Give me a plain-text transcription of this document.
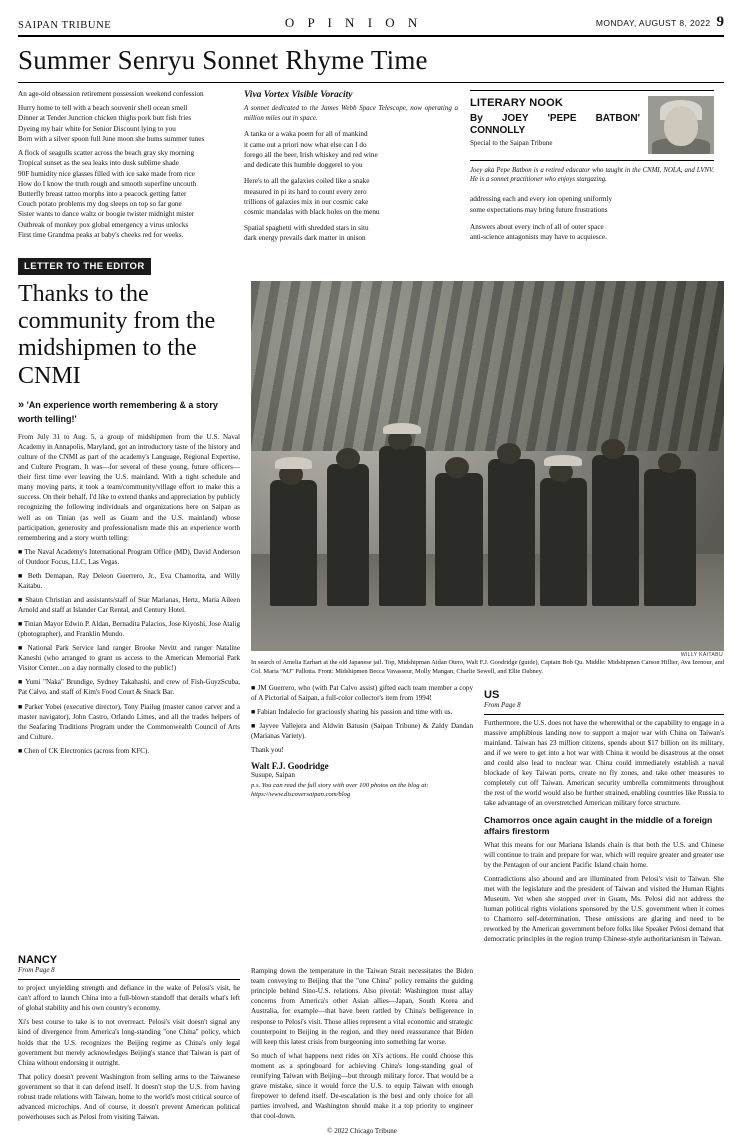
SAIPAN TRIBUNE	O P I N I O N	MONDAY, AUGUST 8, 2022 9
Summer Senryu Sonnet Rhyme Time
An age-old obsession retirement possession weekend confession
Hurry home to tell with a beach souvenir shell ocean smell
Dinner at Tender Junction chicken thighs pork butt fish fries
Dyeing my hair white for Senior Discount lying to you
Born with a silver spoon full June moon she hums summer tunes
A flock of seagulls scatter across the beach gray sky morning
Tropical sunset as the sea leaks into dusk sublime shade
90F humidity nice glasses filled with ice sake made from rice
How do I know the truth rough and smooth superfine uncouth
Butterfly breast tattoo morphs into a peacock getting fatter
Couch potato problems my dog sleeps on top so far gone
Sister wants to dance waltz or boogie twister midnight mister
Outbreak of monkey pox global emergency a virus unlocks
First time Grandma peaks at baby's cheeks red for weeks.
Viva Vortex Visible Voracity
A sonnet dedicated to the James Webb Space Telescope, now operating a million miles out in space.
A tanka or a waka poem for all of mankind
it came out a priori now what else can I do
forego all the beer, Irish whiskey and red wine
and dedicate this humble doggerel to you
Here's to all the galaxies coiled like a snake
measured in pi its hard to count every zero
trillions of galaxies mix in our cosmic cake
cosmic mandalas with black holes on the menu
Spatial spaghetti with shredded stars in situ
dark energy prevails dark matter in unison
LITERARY NOOK
By JOEY 'PEPE BATBON' CONNOLLY
Special to the Saipan Tribune
Joey aka Pepe Batbon is a retired educator who taught in the CNMI, NOLA, and LVNV. He is a sonnet practitioner who enjoys stargazing.
addressing each and every ion opening uniformly
some expectations may bring future frustrations
Answers about every inch of all of outer space
anti-science antagonists may have to acquiesce.
LETTER TO THE EDITOR
Thanks to the community from the midshipmen to the CNMI
» 'An experience worth remembering & a story worth telling!'

From July 31 to Aug. 5, a group of midshipmen from the U.S. Naval Academy in Annapolis, Maryland, got an introductory taste of the history and culture of the CNMI as part of the academy's Language, Regional Expertise, and Culture Program. It was—for several of these young, future officers—their first time ever leaving the U.S. mainland. With a tight schedule and many moving parts, it took a team/community/village effort to make this a success. On their behalf, I'd like to extend thanks and appreciation by publicly recognizing the following individuals and organizations here on Saipan as well as on Tinian (as well as Guam and the U.S. mainland) whose participation, generosity and professionalism made this an experience worth remembering and a story worth telling:

■ The Naval Academy's International Program Office (MD), David Anderson of Outdoor Focus, LLC, Las Vegas.

■ Beth Demapan, Ray Deleon Guerrero, Jr., Eva Chamorita, and Willy Kaitabu.

■ Shaun Christian and assistants/staff of Star Marianas, Hertz, Maria Aileen Arnold and staff at Islander Car Rental, and Century Hotel.

■ Tinian Mayor Edwin P. Aldan, Bernadita Palacios, Jose Kiyoshi, Jose Atalig (photographer), and Franklin Mundo.

■ National Park Service land ranger Brooke Nevitt and ranger Nataline Kaneshi (who arranged to grant us access to the American Memorial Park Visitor Center...on a day normally closed to the public!)

■ Yumi "Naka" Brundige, Sydney Takahashi, and crew of Fish-GuyzScuba, Pat Calvo, and staff of Kim's Food Court & Snack Bar.

■ Parker Yobei (executive director), Tony Piailug (master canoe carver and a master navigator), John Castro, Orlando Limes, and all the trades helpers of the Seafaring Traditions Program under the Commonwealth Council of Arts and Culture.

■ Chen of CK Electronics (across from KFC).

WILLY KAITABU
In search of Amelia Earhart at the old Japanese jail. Top, Midshipman Aidan Otero, Walt F.J. Goodridge (guide), Captain Bob Qu. Middle: Midshipmen Carson Hillier, Ava Izenour, and Col. Maria "MJ" Pallotta. Front: Midshipmen Becca Vavasseur, Molly Mangan, Charlie Sewell, and Ellie Dabney.

■ JM Guerrero, who (with Pat Calvo assist) gifted each team member a copy of A Pictorial of Saipan, a full-color collector's item from 1994!

■ Fabian Indalecio for graciously sharing his passion and time with us.

■ Jayvee Vallejera and Aldwin Batusin (Saipan Tribune) & Zaldy Dandan (Marianas Variety).

Thank you!

Walt F.J. Goodridge
Susupe, Saipan
p.s. You can read the full story with over 100 photos on the blog at: https://www.discoversaipan.com/blog
US
From Page 8

Furthermore, the U.S. does not have the wherewithal or the capability to engage in a massive amphibious landing now to support a major war with China on Taiwan's mainland. Taiwan has 23 million citizens, spends about $17 billion on its military, and if we were to get into a hot war with China it would be disastrous at the onset and could also lead to nuclear war. China could immediately establish a naval blockade of key Taiwan ports, create no fly zones, and take other measures to completely cut off Taiwan. American security umbrella commitments throughout the rest of the world would also be further strained, enabling countries like Russia to take advantage of an overstretched American military force structure.

Chamorros once again caught in the middle of a foreign affairs firestorm

What this means for our Mariana Islands chain is that both the U.S. and Chinese will continue to train and prepare for war, which will require greater and greater use by the Pentagon of our ancient Pacific Island chain home.

Contradictions also abound and are illuminated from Pelosi's visit to Taiwan. She met with the legislature and the president of Taiwan and visited the Human Rights Museum. Yet when she stopped over in Guam, Ms. Pelosi did not address the human political rights violations sponsored by the U.S. government when it comes to Chamorro self-determination. These omissions are glaring and need to be reworked by the American government before folks like Speaker Pelosi demand that democratic principles in the region trump Chinese-style authoritarianism in Taiwan.

NANCY
From Page 8

to project unyielding strength and defiance in the wake of Pelosi's visit, he can't afford to launch China into a full-blown standoff that derails what's left of global stability and his own country's economy.

Xi's best course to take is to not overreact. Pelosi's visit doesn't signal any kind of divergence from America's long-standing "one China" policy, which holds that the U.S. recognizes the Beijing regime as China's only legal government but merely acknowledges Beijing's stance that Taiwan is part of China without endorsing it outright.

That policy doesn't prevent Washington from selling arms to the Taiwanese government so that it can defend itself. It doesn't stop the U.S. from having robust trade relations with Taiwan, home to the world's most critical source of advanced microchips. And of course, it doesn't prevent American political powerhouses such as Pelosi from visiting Taiwan.

Ramping down the temperature in the Taiwan Strait necessitates the Biden team conveying to Beijing that the "one China" policy remains the guiding principle behind Sino-U.S. relations. Also pivotal: Washington must allay concerns from America's other Asian allies—Japan, South Korea and Australia, for example—that have been rattled by China's belligerence in response to Pelosi's visit. Those allies represent a vital economic and strategic counterpoint to Beijing in the region, and they need reassurance that Biden will keep this latest crisis from burgeoning into something far worse.

So much of what happens next rides on Xi's actions. He could choose this moment as a springboard for achieving China's long-standing goal of reunifying Taiwan with Beijing—but through military force. That would be a grave mistake, since it would force the U.S. to equip Taiwan with enough firepower to defend itself. De-escalation is the best and only choice for all parties involved, and Washington should make it a top priority to engineer that cool-down.

© 2022 Chicago Tribune
